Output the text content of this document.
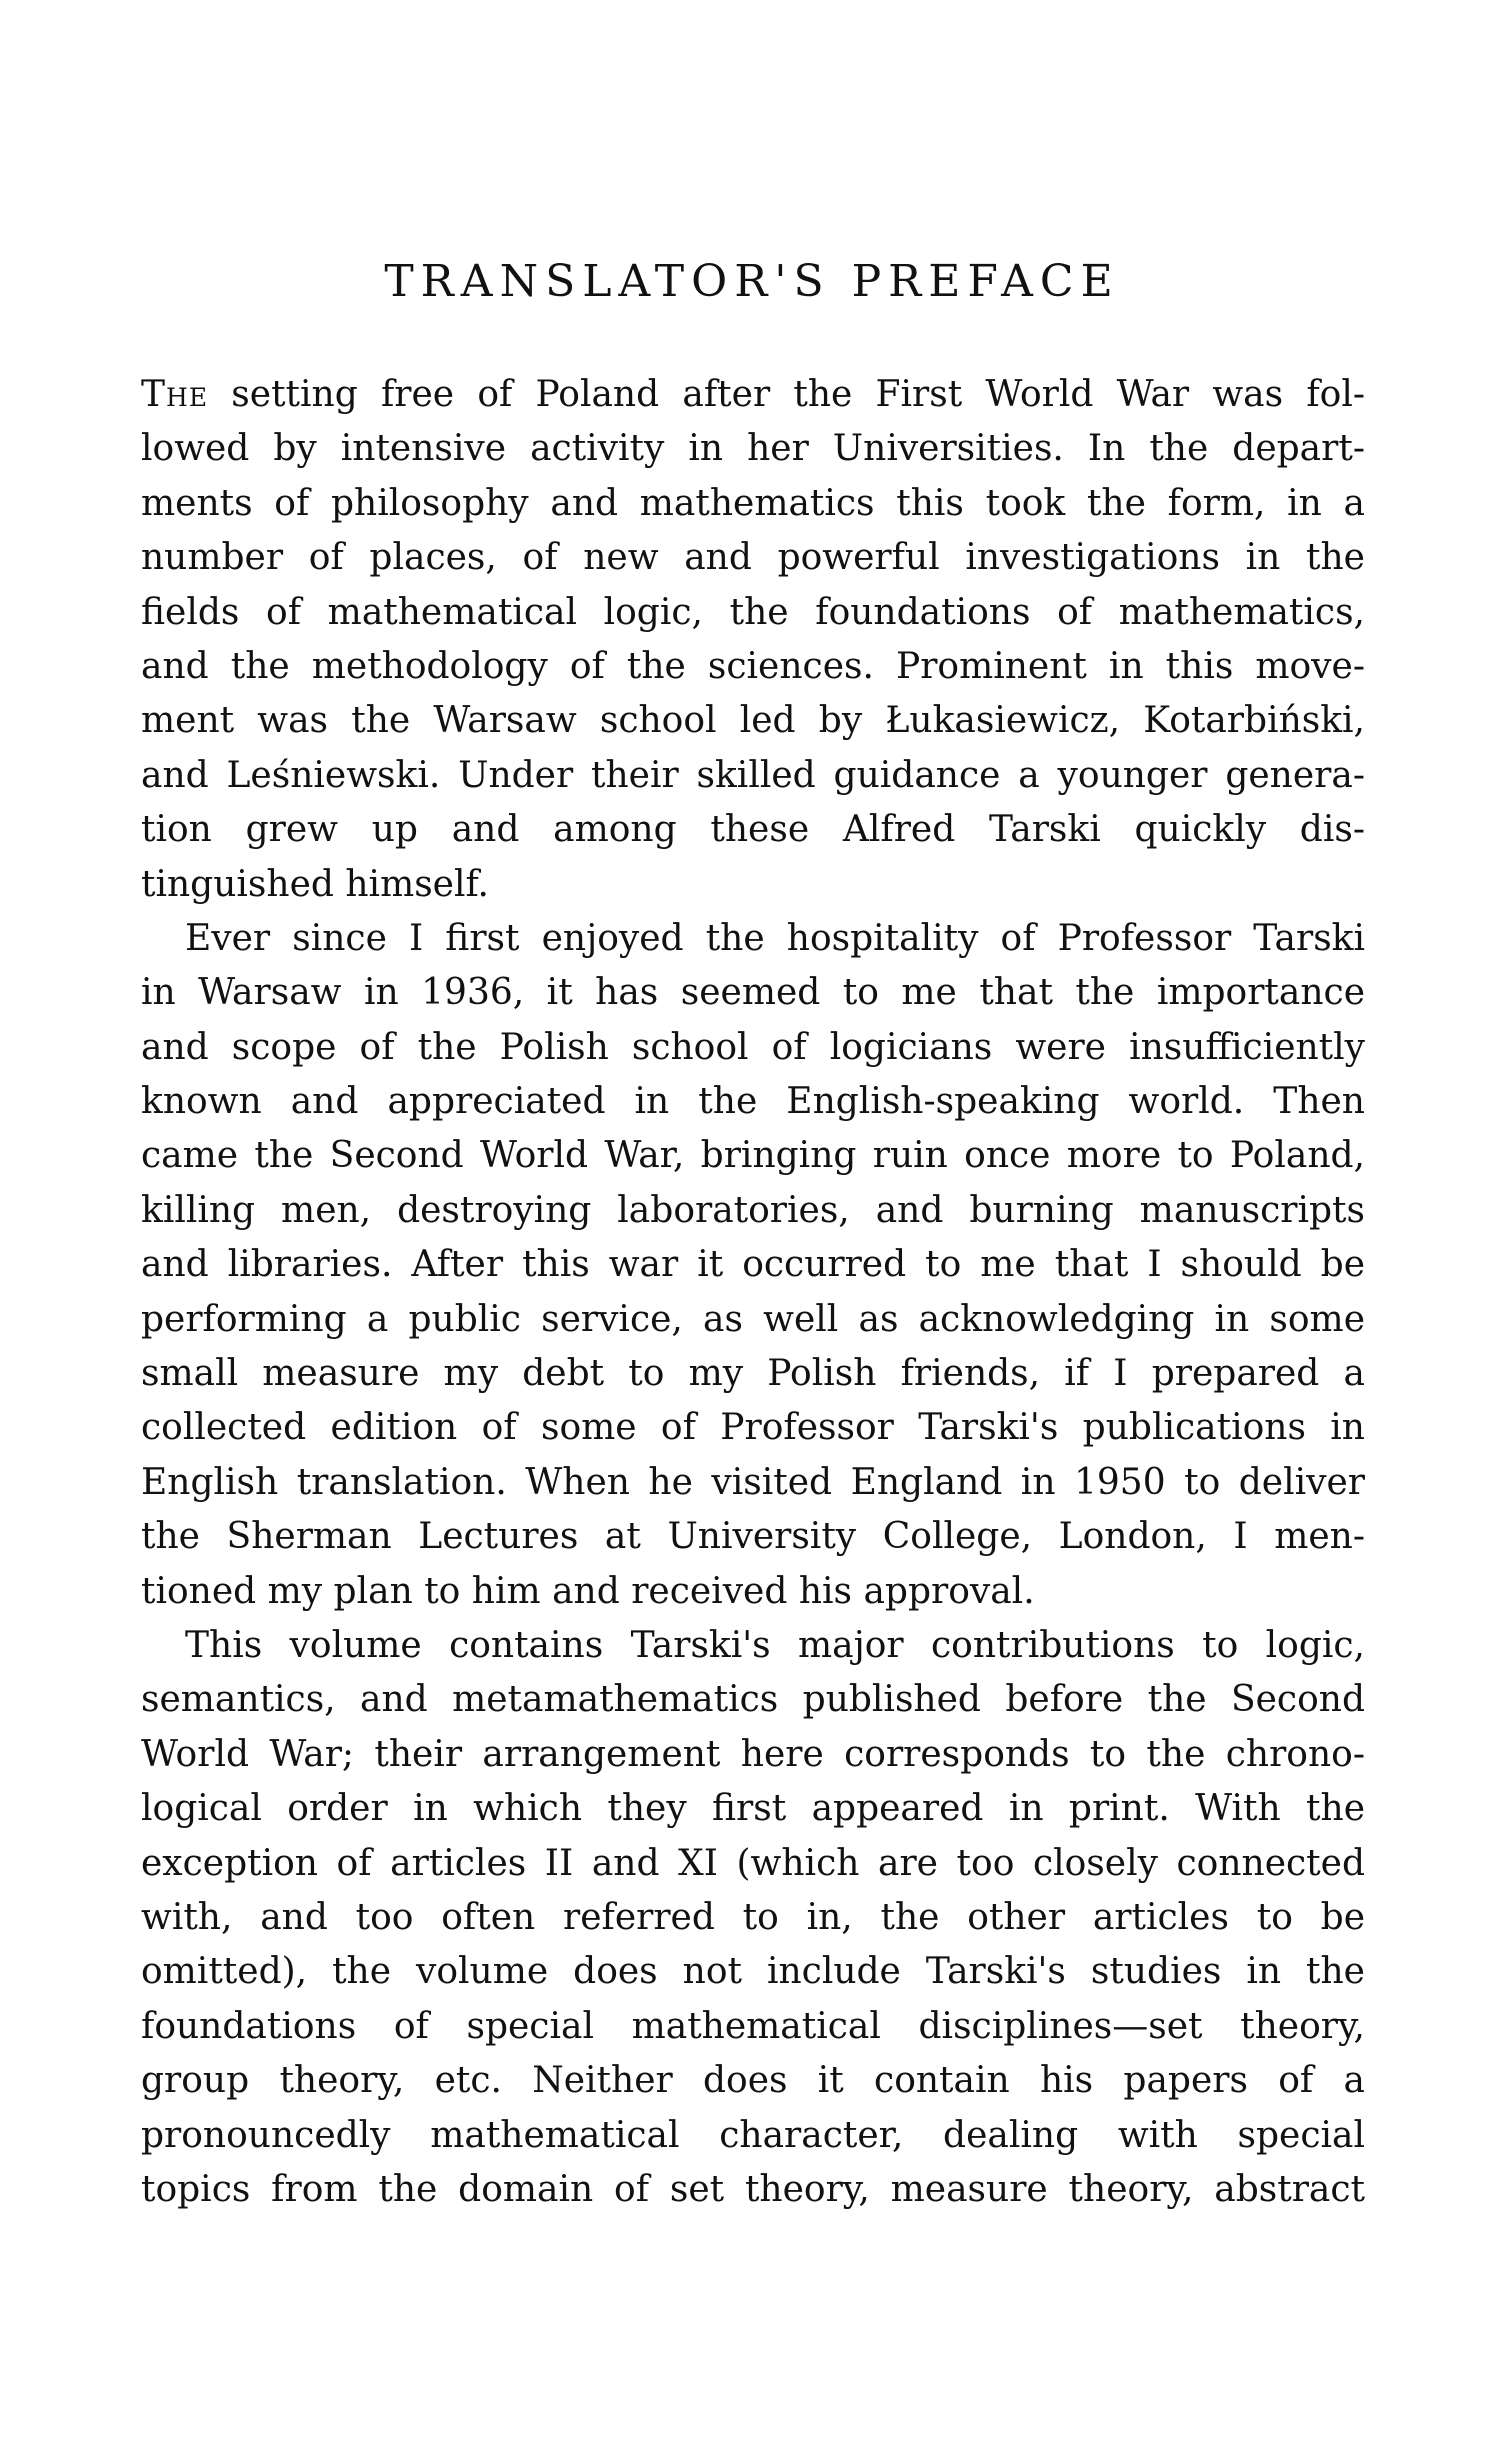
TRANSLATOR'S PREFACE
The setting free of Poland after the First World War was fol-
lowed by intensive activity in her Universities. In the depart-
ments of philosophy and mathematics this took the form, in a
number of places, of new and powerful investigations in the
fields of mathematical logic, the foundations of mathematics,
and the methodology of the sciences. Prominent in this move-
ment was the Warsaw school led by Łukasiewicz, Kotarbiński,
and Leśniewski. Under their skilled guidance a younger genera-
tion grew up and among these Alfred Tarski quickly dis-
tinguished himself.
Ever since I first enjoyed the hospitality of Professor Tarski
in Warsaw in 1936, it has seemed to me that the importance
and scope of the Polish school of logicians were insufficiently
known and appreciated in the English-speaking world. Then
came the Second World War, bringing ruin once more to Poland,
killing men, destroying laboratories, and burning manuscripts
and libraries. After this war it occurred to me that I should be
performing a public service, as well as acknowledging in some
small measure my debt to my Polish friends, if I prepared a
collected edition of some of Professor Tarski's publications in
English translation. When he visited England in 1950 to deliver
the Sherman Lectures at University College, London, I men-
tioned my plan to him and received his approval.
This volume contains Tarski's major contributions to logic,
semantics, and metamathematics published before the Second
World War; their arrangement here corresponds to the chrono-
logical order in which they first appeared in print. With the
exception of articles II and XI (which are too closely connected
with, and too often referred to in, the other articles to be
omitted), the volume does not include Tarski's studies in the
foundations of special mathematical disciplines—set theory,
group theory, etc. Neither does it contain his papers of a
pronouncedly mathematical character, dealing with special
topics from the domain of set theory, measure theory, abstract
